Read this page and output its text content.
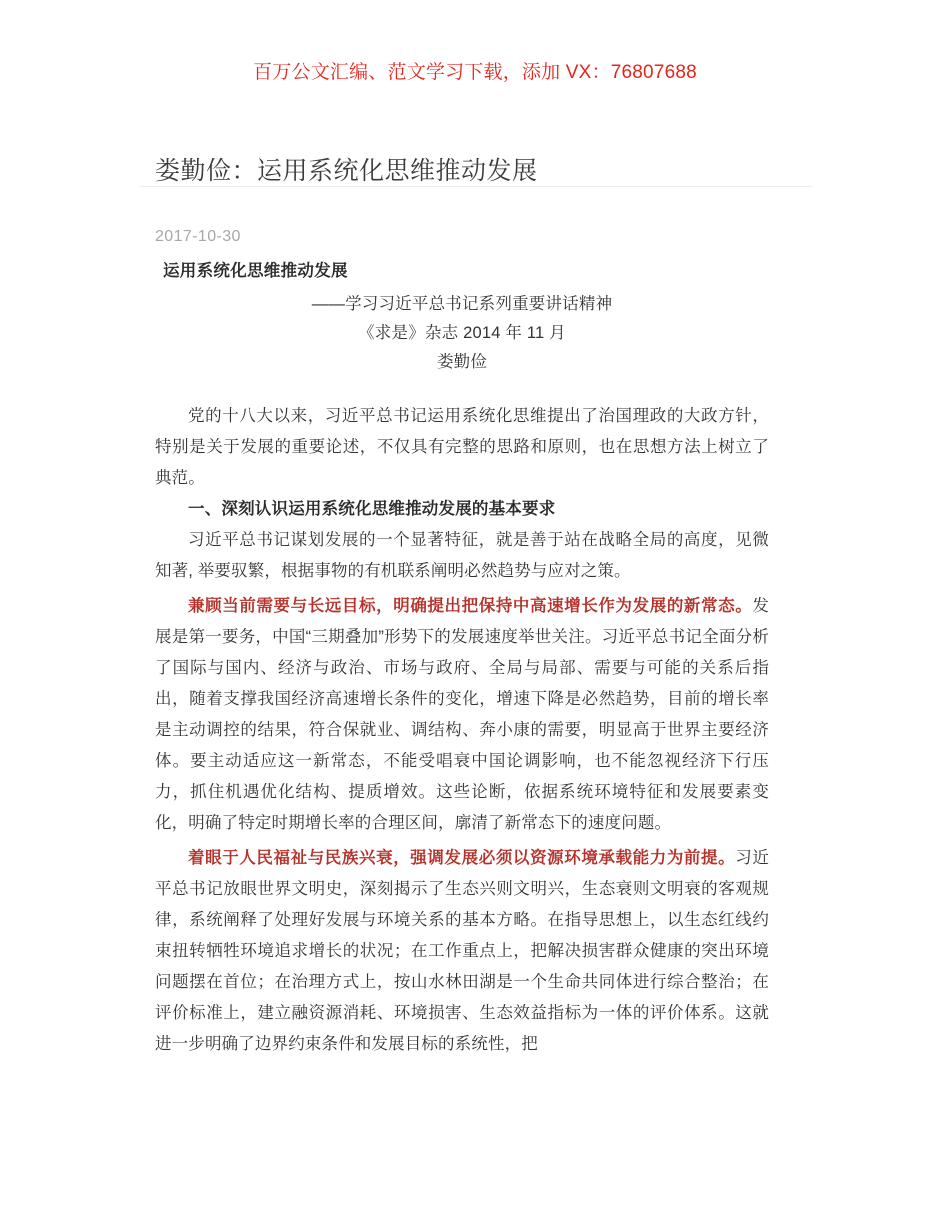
百万公文汇编、范文学习下载，添加 VX：76807688
娄勤俭：运用系统化思维推动发展
2017-10-30
运用系统化思维推动发展

——学习习近平总书记系列重要讲话精神

《求是》杂志 2014 年 11 月

娄勤俭

党的十八大以来，习近平总书记运用系统化思维提出了治国理政的大政方针，特别是关于发展的重要论述，不仅具有完整的思路和原则，也在思想方法上树立了典范。

一、深刻认识运用系统化思维推动发展的基本要求

习近平总书记谋划发展的一个显著特征，就是善于站在战略全局的高度，见微知著, 举要驭繁，根据事物的有机联系阐明必然趋势与应对之策。

兼顾当前需要与长远目标，明确提出把保持中高速增长作为发展的新常态。发展是第一要务，中国“三期叠加”形势下的发展速度举世关注。习近平总书记全面分析了国际与国内、经济与政治、市场与政府、全局与局部、需要与可能的关系后指出，随着支撑我国经济高速增长条件的变化，增速下降是必然趋势，目前的增长率是主动调控的结果，符合保就业、调结构、奔小康的需要，明显高于世界主要经济体。要主动适应这一新常态，不能受唱衰中国论调影响，也不能忽视经济下行压力，抓住机遇优化结构、提质增效。这些论断，依据系统环境特征和发展要素变化，明确了特定时期增长率的合理区间，廓清了新常态下的速度问题。

着眼于人民福祉与民族兴衰，强调发展必须以资源环境承载能力为前提。习近平总书记放眼世界文明史，深刻揭示了生态兴则文明兴，生态衰则文明衰的客观规律，系统阐释了处理好发展与环境关系的基本方略。在指导思想上，以生态红线约束扭转牺牲环境追求增长的状况；在工作重点上，把解决损害群众健康的突出环境问题摆在首位；在治理方式上，按山水林田湖是一个生命共同体进行综合整治；在评价标准上，建立融资源消耗、环境损害、生态效益指标为一体的评价体系。这就进一步明确了边界约束条件和发展目标的系统性，把
